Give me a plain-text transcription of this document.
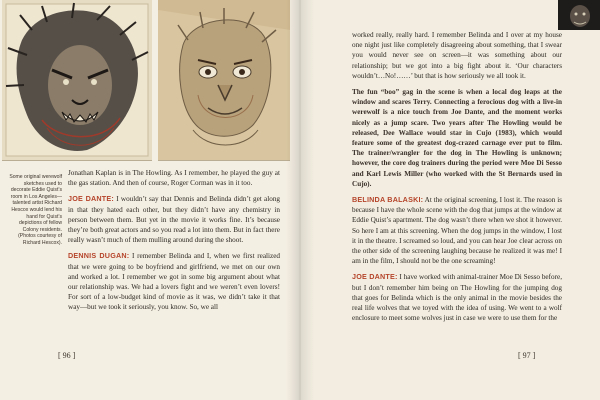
Some original werewolf sketches used to decorate Eddie Quist’s room in Los Angeles—talented artist Richard Hescox would lend his hand for Quist’s depictions of fellow Colony residents. (Photos courtesy of Richard Hescox).

Jonathan Kaplan is in The Howling. As I remember, he played the guy at the gas station. And then of course, Roger Corman was in it too.

JOE DANTE: I wouldn’t say that Dennis and Belinda didn’t get along in that they hated each other, but they didn’t have any chemistry in person between them. But yet in the movie it works fine. It’s because they’re both great actors and so you read a lot into them. But in fact there really wasn’t much of them mulling around during the shoot.

DENNIS DUGAN: I remember Belinda and I, when we first realized that we were going to be boyfriend and girlfriend, we met on our own and worked a lot. I remember we got in some big argument about what our relationship was. We had a lovers fight and we weren’t even lovers! For sort of a low-budget kind of movie as it was, we didn’t take it that way—but we took it seriously, you know. So, we all

[ 96 ]

worked really, really hard. I remember Belinda and I over at my house one night just like completely disagreeing about something, that I swear you would never see on screen—it was something about our relationship; but we got into a big fight about it. ‘Our characters wouldn’t…No!……’ but that is how seriously we all took it.

The fun “boo” gag in the scene is when a local dog leaps at the window and scares Terry. Connecting a ferocious dog with a live-in werewolf is a nice touch from Joe Dante, and the moment works nicely as a jump scare. Two years after The Howling would be released, Dee Wallace would star in Cujo (1983), which would feature some of the greatest dog-crazed carnage ever put to film. The trainer/wrangler for the dog in The Howling is unknown; however, the core dog trainers during the period were Moe Di Sesso and Karl Lewis Miller (who worked with the St Bernards used in Cujo).

BELINDA BALASKI: At the original screening, I lost it. The reason is because I have the whole scene with the dog that jumps at the window at Eddie Quist’s apartment. The dog wasn’t there when we shot it however. So here I am at this screening. When the dog jumps in the window, I lost it in the theatre. I screamed so loud, and you can hear Joe clear across on the other side of the screening laughing because he realized it was me! I am in the film, I should not be the one screaming!

JOE DANTE: I have worked with animal-trainer Moe Di Sesso before, but I don’t remember him being on The Howling for the jumping dog that goes for Belinda which is the only animal in the movie besides the real life wolves that we toyed with the idea of using. We went to a wolf enclosure to meet some wolves just in case we were to use them for the

[ 97 ]
